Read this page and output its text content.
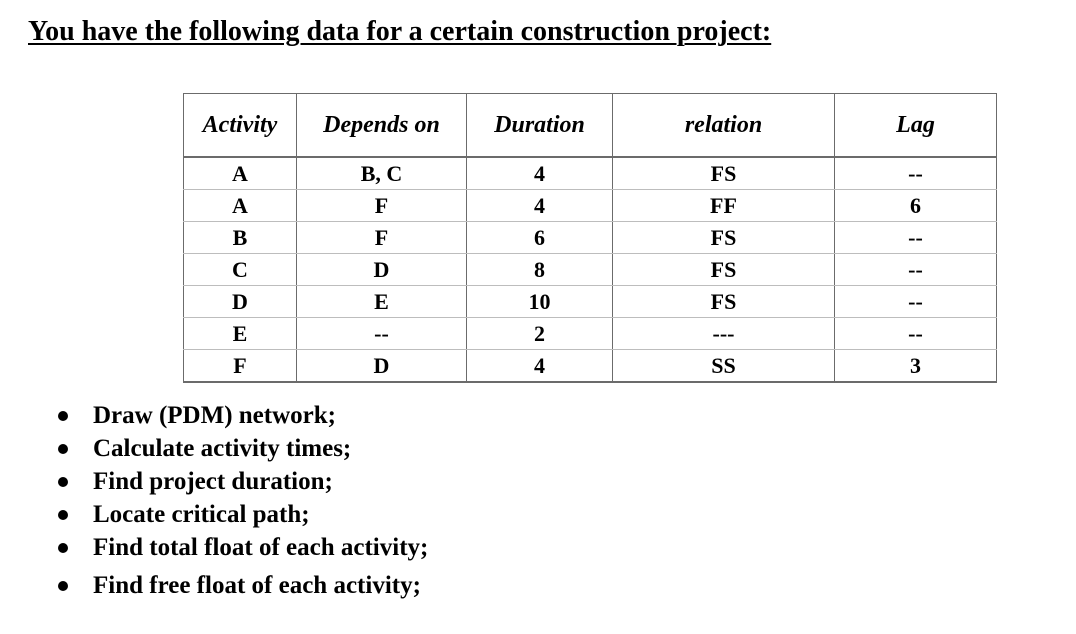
You have the following data for a certain construction project:
Activity	Depends on	Duration	relation	Lag
A	B, C	4	FS	--
A	F	4	FF	6
B	F	6	FS	--
C	D	8	FS	--
D	E	10	FS	--
E	--	2	---	--
F	D	4	SS	3
Draw (PDM) network;
Calculate activity times;
Find project duration;
Locate critical path;
Find total float of each activity;
Find free float of each activity;
